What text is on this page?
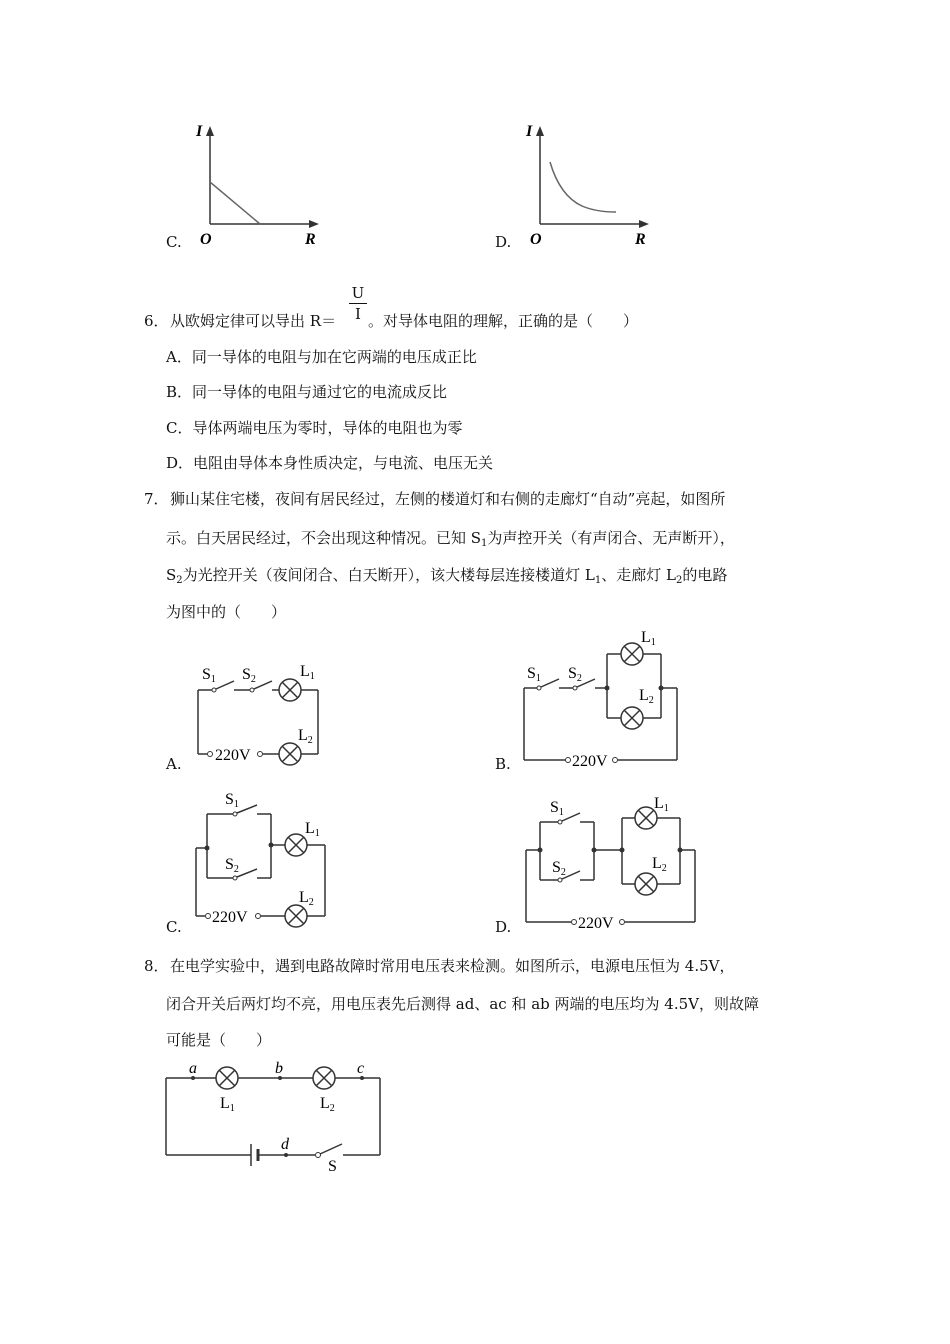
I
O	R
C.
I
O	R
D.
6． 从欧姆定律可以导出 R＝
U
I 。对导体电阻的理解，正确的是（　　）
A．同一导体的电阻与加在它两端的电压成正比
B．同一导体的电阻与通过它的电流成反比
C．导体两端电压为零时，导体的电阻也为零
D．电阻由导体本身性质决定，与电流、电压无关
7． 狮山某住宅楼，夜间有居民经过，左侧的楼道灯和右侧的走廊灯“自动”亮起，如图所
示。白天居民经过，不会出现这种情况。已知 $S_1$为声控开关（有声闭合、无声断开），
$S_2$为光控开关（夜间闭合、白天断开），该大楼每层连接楼道灯 $L_1$、走廊灯 $L_2$的电路
为图中的（　　）
S1 S2	L1
L2
220V
A.
S1 S2
L1
L2
220V
B.
S1
S2
L1
L2
220V
C.
S1
S2
L1
L2
220V
D.
8． 在电学实验中，遇到电路故障时常用电压表来检测。如图所示，电源电压恒为 4.5V，
闭合开关后两灯均不亮，用电压表先后测得 ad、ac 和 ab 两端的电压均为 4.5V，则故障
可能是（　　）
a	b	c
L1	L2
d
S
